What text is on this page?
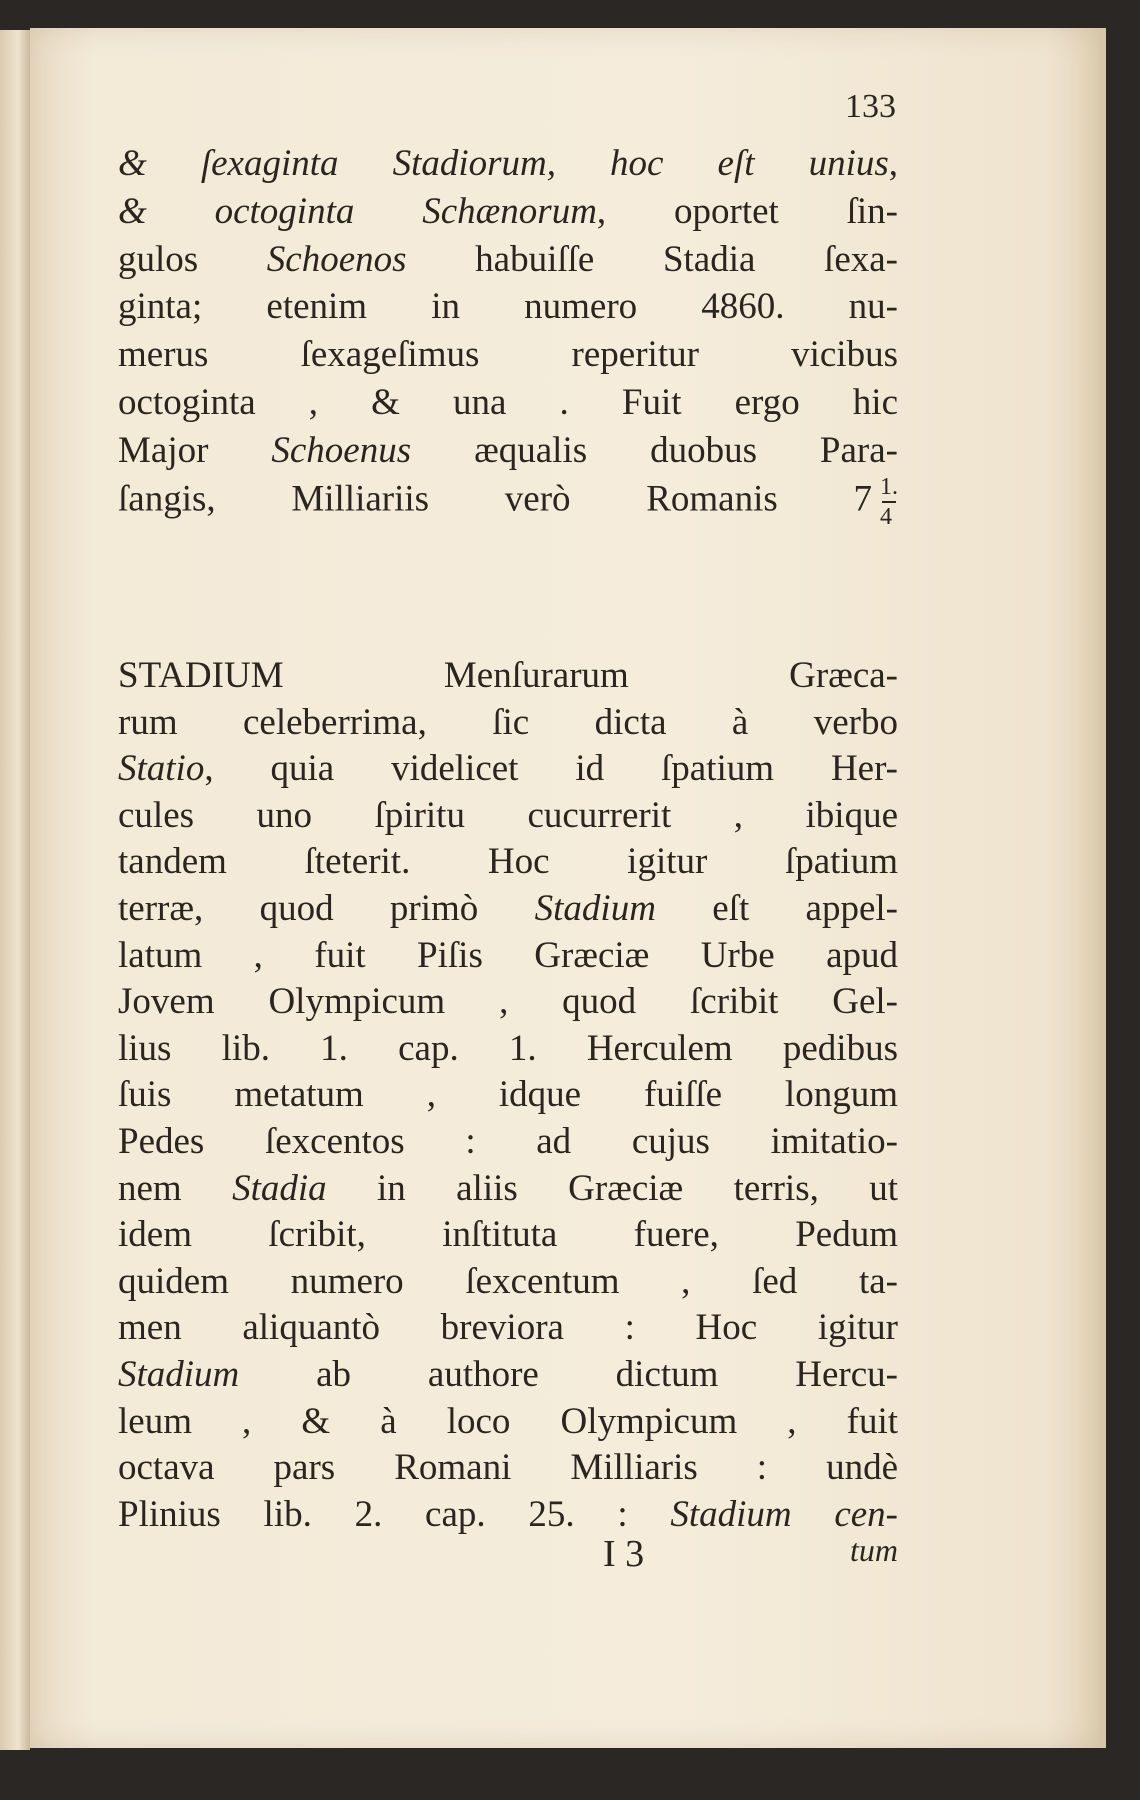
133
& ſexaginta Stadiorum, hoc eſt unius,
& octoginta Schænorum, oportet ſin-
gulos Schoenos habuiſſe Stadia ſexa-
ginta; etenim in numero 4860. nu-
merus ſexageſimus reperitur vicibus
octoginta , & una . Fuit ergo hic
Major Schoenus æqualis duobus Para-
ſangis, Milliariis verò Romanis $7 \frac{1.}{4}$
STADIUM Menſurarum Græca-
rum celeberrima, ſic dicta à verbo
Statio, quia videlicet id ſpatium Her-
cules uno ſpiritu cucurrerit , ibique
tandem ſteterit. Hoc igitur ſpatium
terræ, quod primò Stadium eſt appel-
latum , fuit Piſis Græciæ Urbe apud
Jovem Olympicum , quod ſcribit Gel-
lius lib. 1. cap. 1. Herculem pedibus
ſuis metatum , idque fuiſſe longum
Pedes ſexcentos : ad cujus imitatio-
nem Stadia in aliis Græciæ terris, ut
idem ſcribit, inſtituta fuere, Pedum
quidem numero ſexcentum , ſed ta-
men aliquantò breviora : Hoc igitur
Stadium ab authore dictum Hercu-
leum , & à loco Olympicum , fuit
octava pars Romani Milliaris : undè
Plinius lib. 2. cap. 25. : Stadium cen-
I 3	tum
